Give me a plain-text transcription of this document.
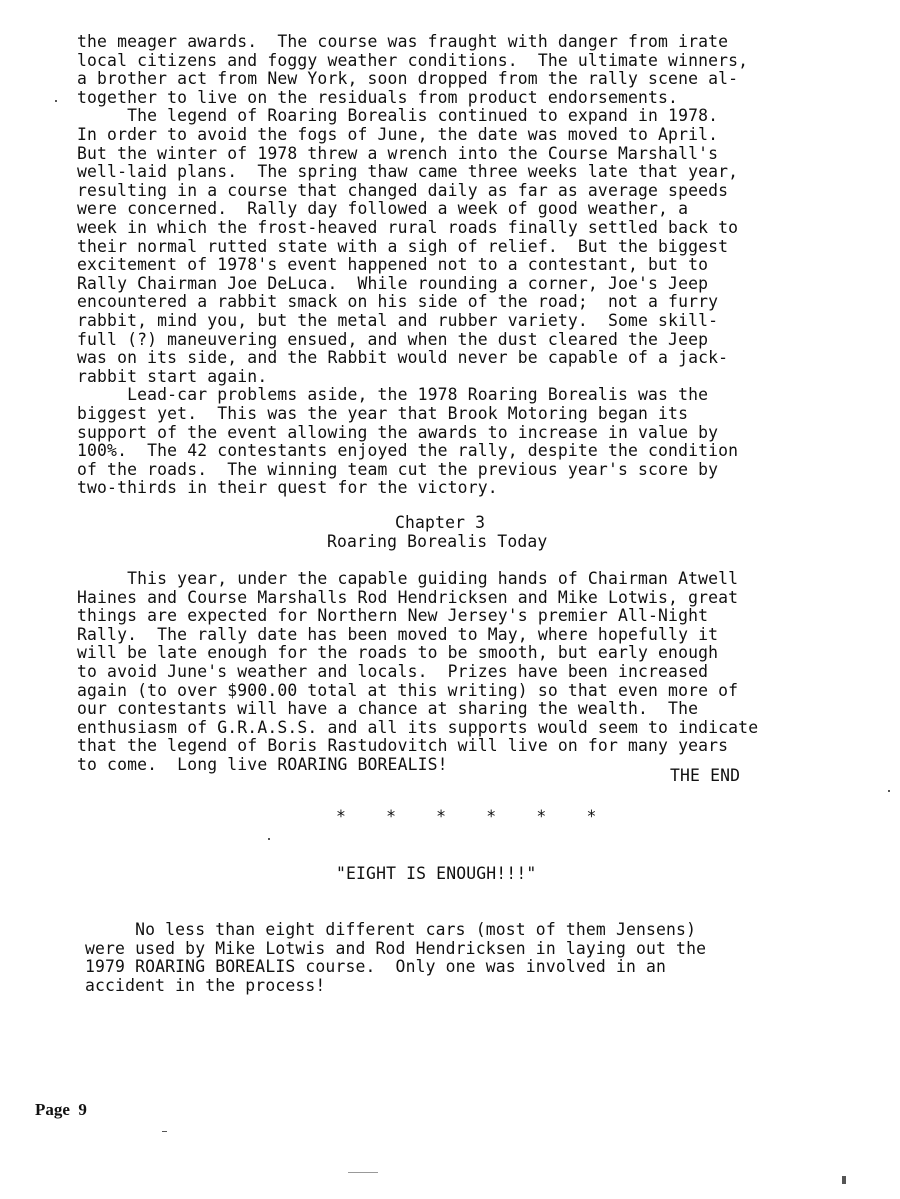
the meager awards.  The course was fraught with danger from irate

local citizens and foggy weather conditions.  The ultimate winners,

a brother act from New York, soon dropped from the rally scene al-

together to live on the residuals from product endorsements.

The legend of Roaring Borealis continued to expand in 1978.

In order to avoid the fogs of June, the date was moved to April.

But the winter of 1978 threw a wrench into the Course Marshall's

well-laid plans.  The spring thaw came three weeks late that year,

resulting in a course that changed daily as far as average speeds

were concerned.  Rally day followed a week of good weather, a

week in which the frost-heaved rural roads finally settled back to

their normal rutted state with a sigh of relief.  But the biggest

excitement of 1978's event happened not to a contestant, but to

Rally Chairman Joe DeLuca.  While rounding a corner, Joe's Jeep

encountered a rabbit smack on his side of the road;  not a furry

rabbit, mind you, but the metal and rubber variety.  Some skill-

full (?) maneuvering ensued, and when the dust cleared the Jeep

was on its side, and the Rabbit would never be capable of a jack-

rabbit start again.

Lead-car problems aside, the 1978 Roaring Borealis was the

biggest yet.  This was the year that Brook Motoring began its

support of the event allowing the awards to increase in value by

100%.  The 42 contestants enjoyed the rally, despite the condition

of the roads.  The winning team cut the previous year's score by

two-thirds in their quest for the victory.

Chapter 3

Roaring Borealis Today

This year, under the capable guiding hands of Chairman Atwell

Haines and Course Marshalls Rod Hendricksen and Mike Lotwis, great

things are expected for Northern New Jersey's premier All-Night

Rally.  The rally date has been moved to May, where hopefully it

will be late enough for the roads to be smooth, but early enough

to avoid June's weather and locals.  Prizes have been increased

again (to over $900.00 total at this writing) so that even more of

our contestants will have a chance at sharing the wealth.  The

enthusiasm of G.R.A.S.S. and all its supports would seem to indicate

that the legend of Boris Rastudovitch will live on for many years

to come.  Long live ROARING BOREALIS!

THE END

*    *    *    *    *    *

"EIGHT IS ENOUGH!!!"

No less than eight different cars (most of them Jensens)

were used by Mike Lotwis and Rod Hendricksen in laying out the

1979 ROARING BOREALIS course.  Only one was involved in an

accident in the process!

Page  9
